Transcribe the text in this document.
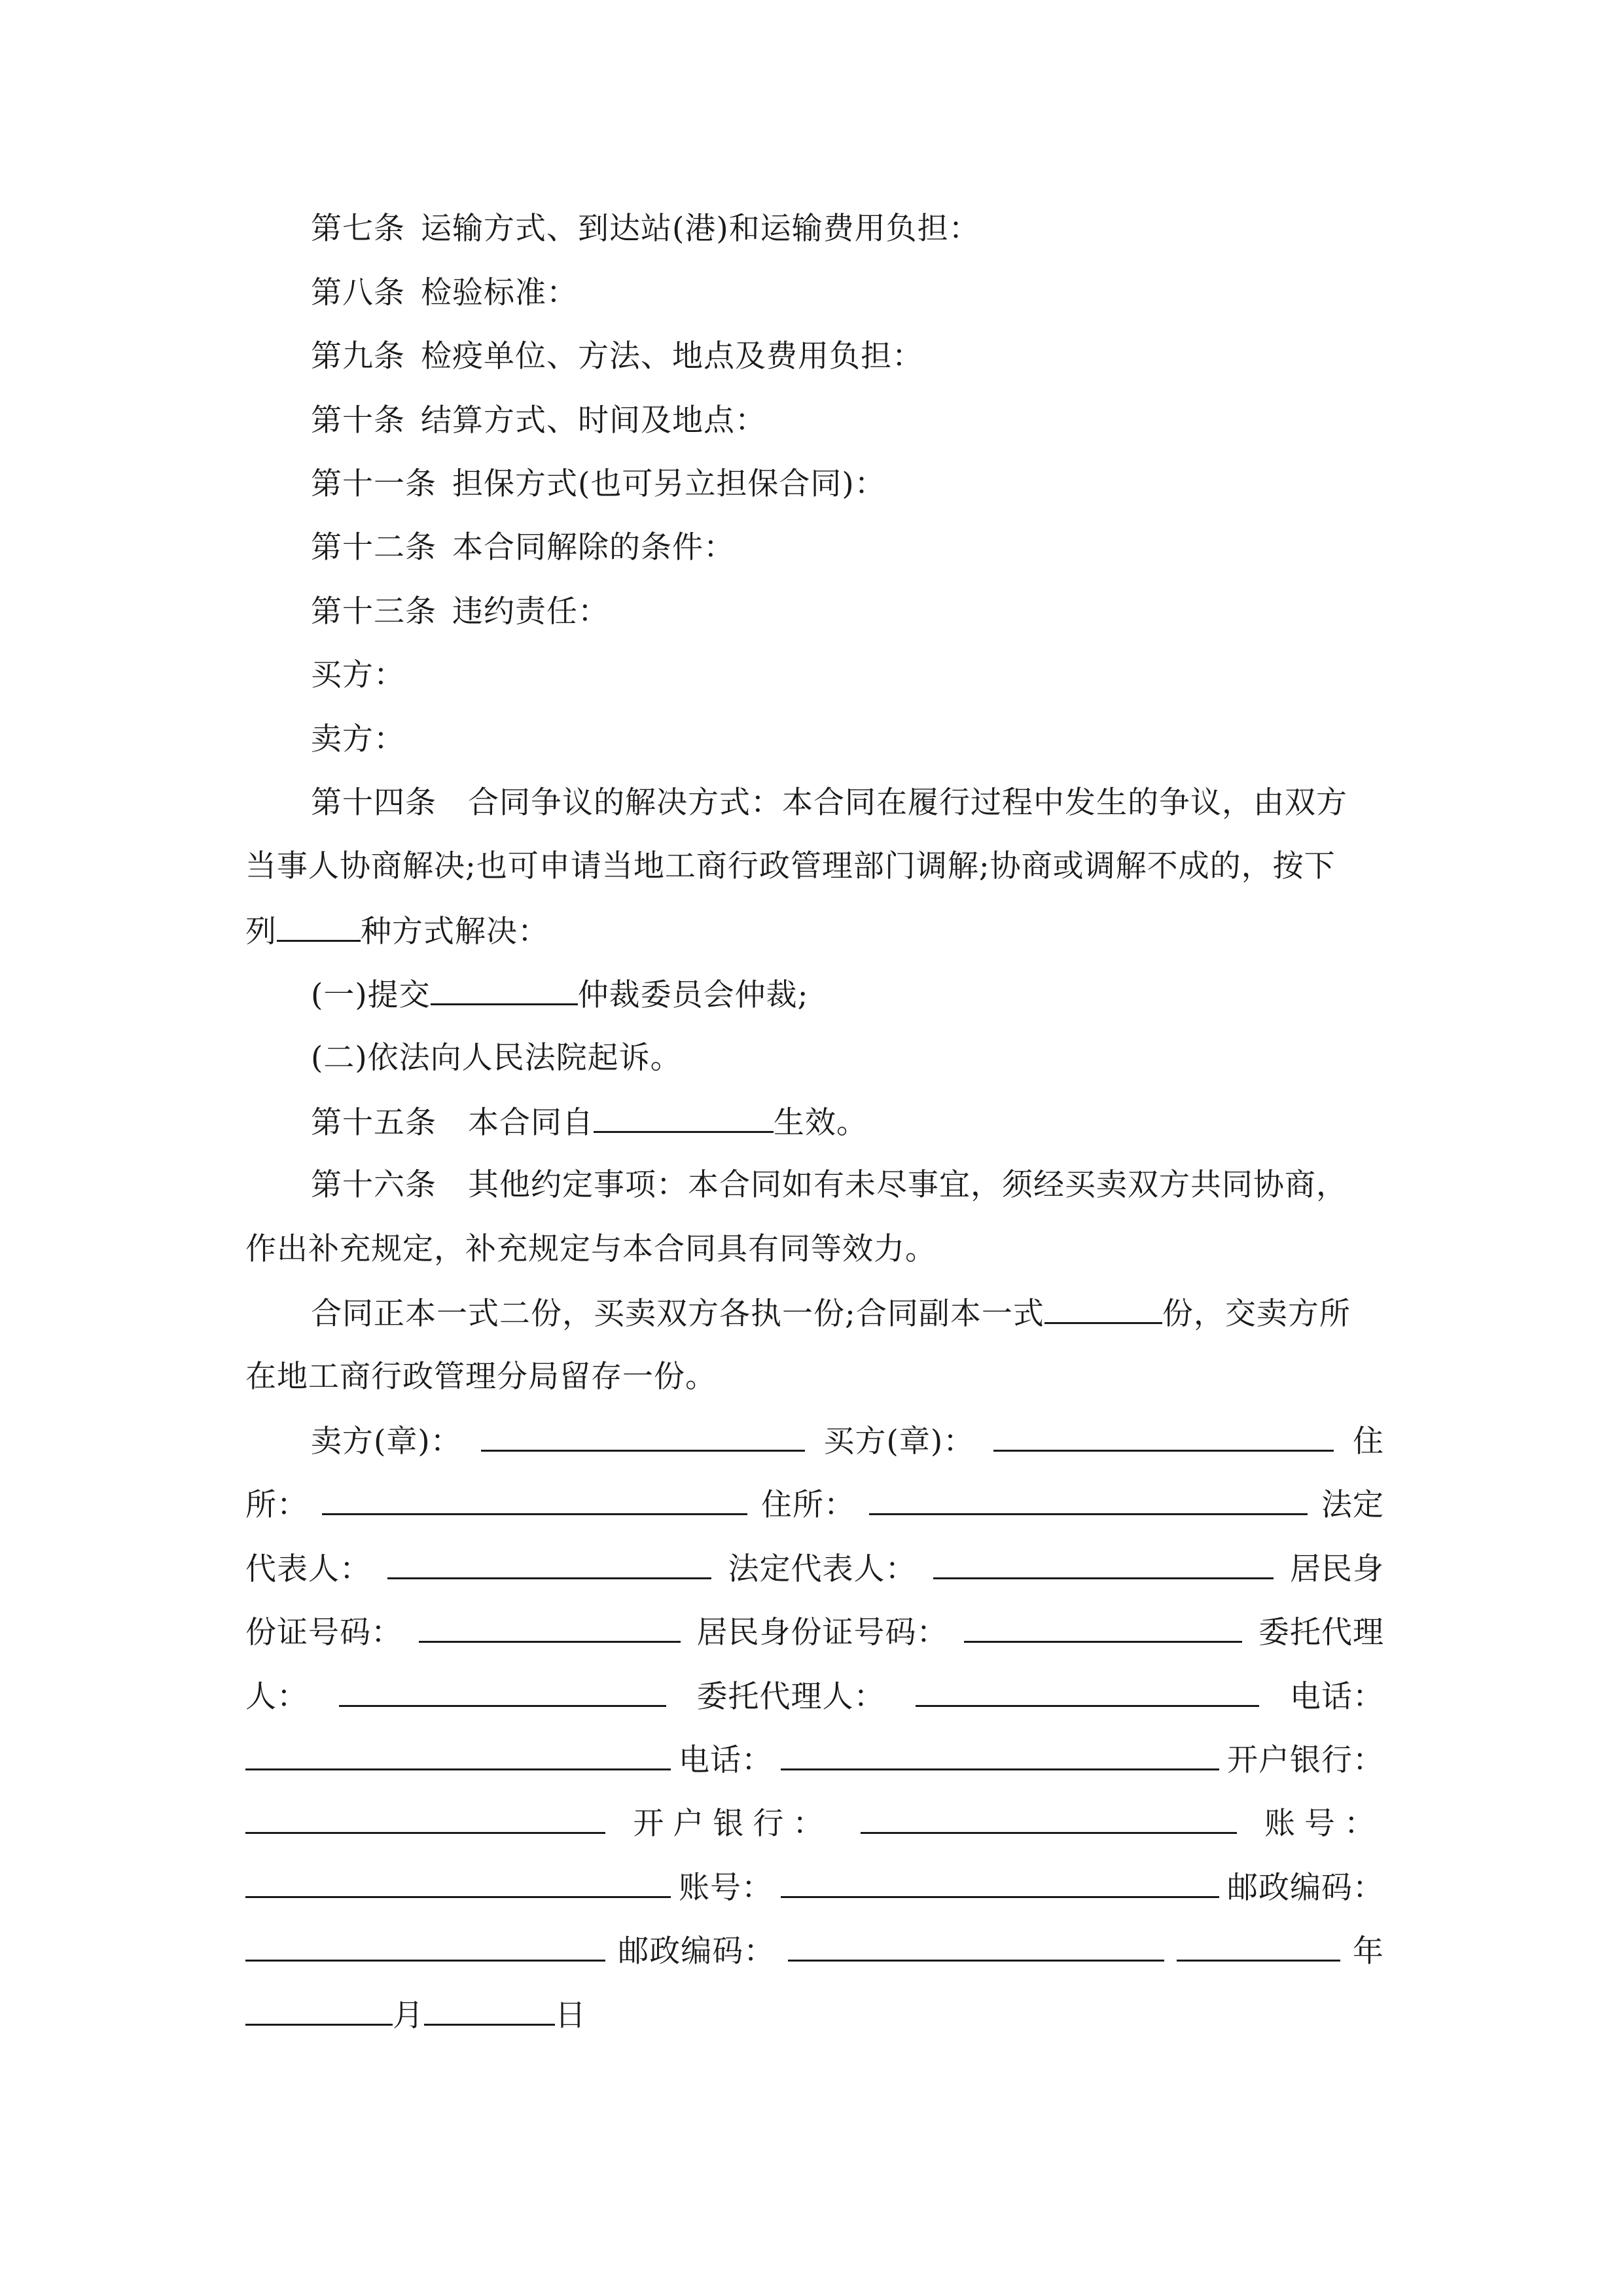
第七条 运输方式、到达站(港)和运输费用负担：
第八条 检验标准：
第九条 检疫单位、方法、地点及费用负担：
第十条 结算方式、时间及地点：
第十一条 担保方式(也可另立担保合同)：
第十二条 本合同解除的条件：
第十三条 违约责任：
买方：
卖方：
第十四条　合同争议的解决方式：本合同在履行过程中发生的争议，由双方
当事人协商解决;也可申请当地工商行政管理部门调解;协商或调解不成的，按下
列	种方式解决：
(一)提交	仲裁委员会仲裁;
(二)依法向人民法院起诉。
第十五条　本合同自	生效。
第十六条　其他约定事项：本合同如有未尽事宜，须经买卖双方共同协商，
作出补充规定，补充规定与本合同具有同等效力。
合同正本一式二份，买卖双方各执一份;合同副本一式	份，交卖方所
在地工商行政管理分局留存一份。
卖方(章)：	买方(章)：	住
所：	住所：	法定
代表人：	法定代表人：	居民身
份证号码：	居民身份证号码：	委托代理
人：	委托代理人：	电话：
电话：	开户银行：
开户银行：	账号：
账号：	邮政编码：
邮政编码：	年
月	日
